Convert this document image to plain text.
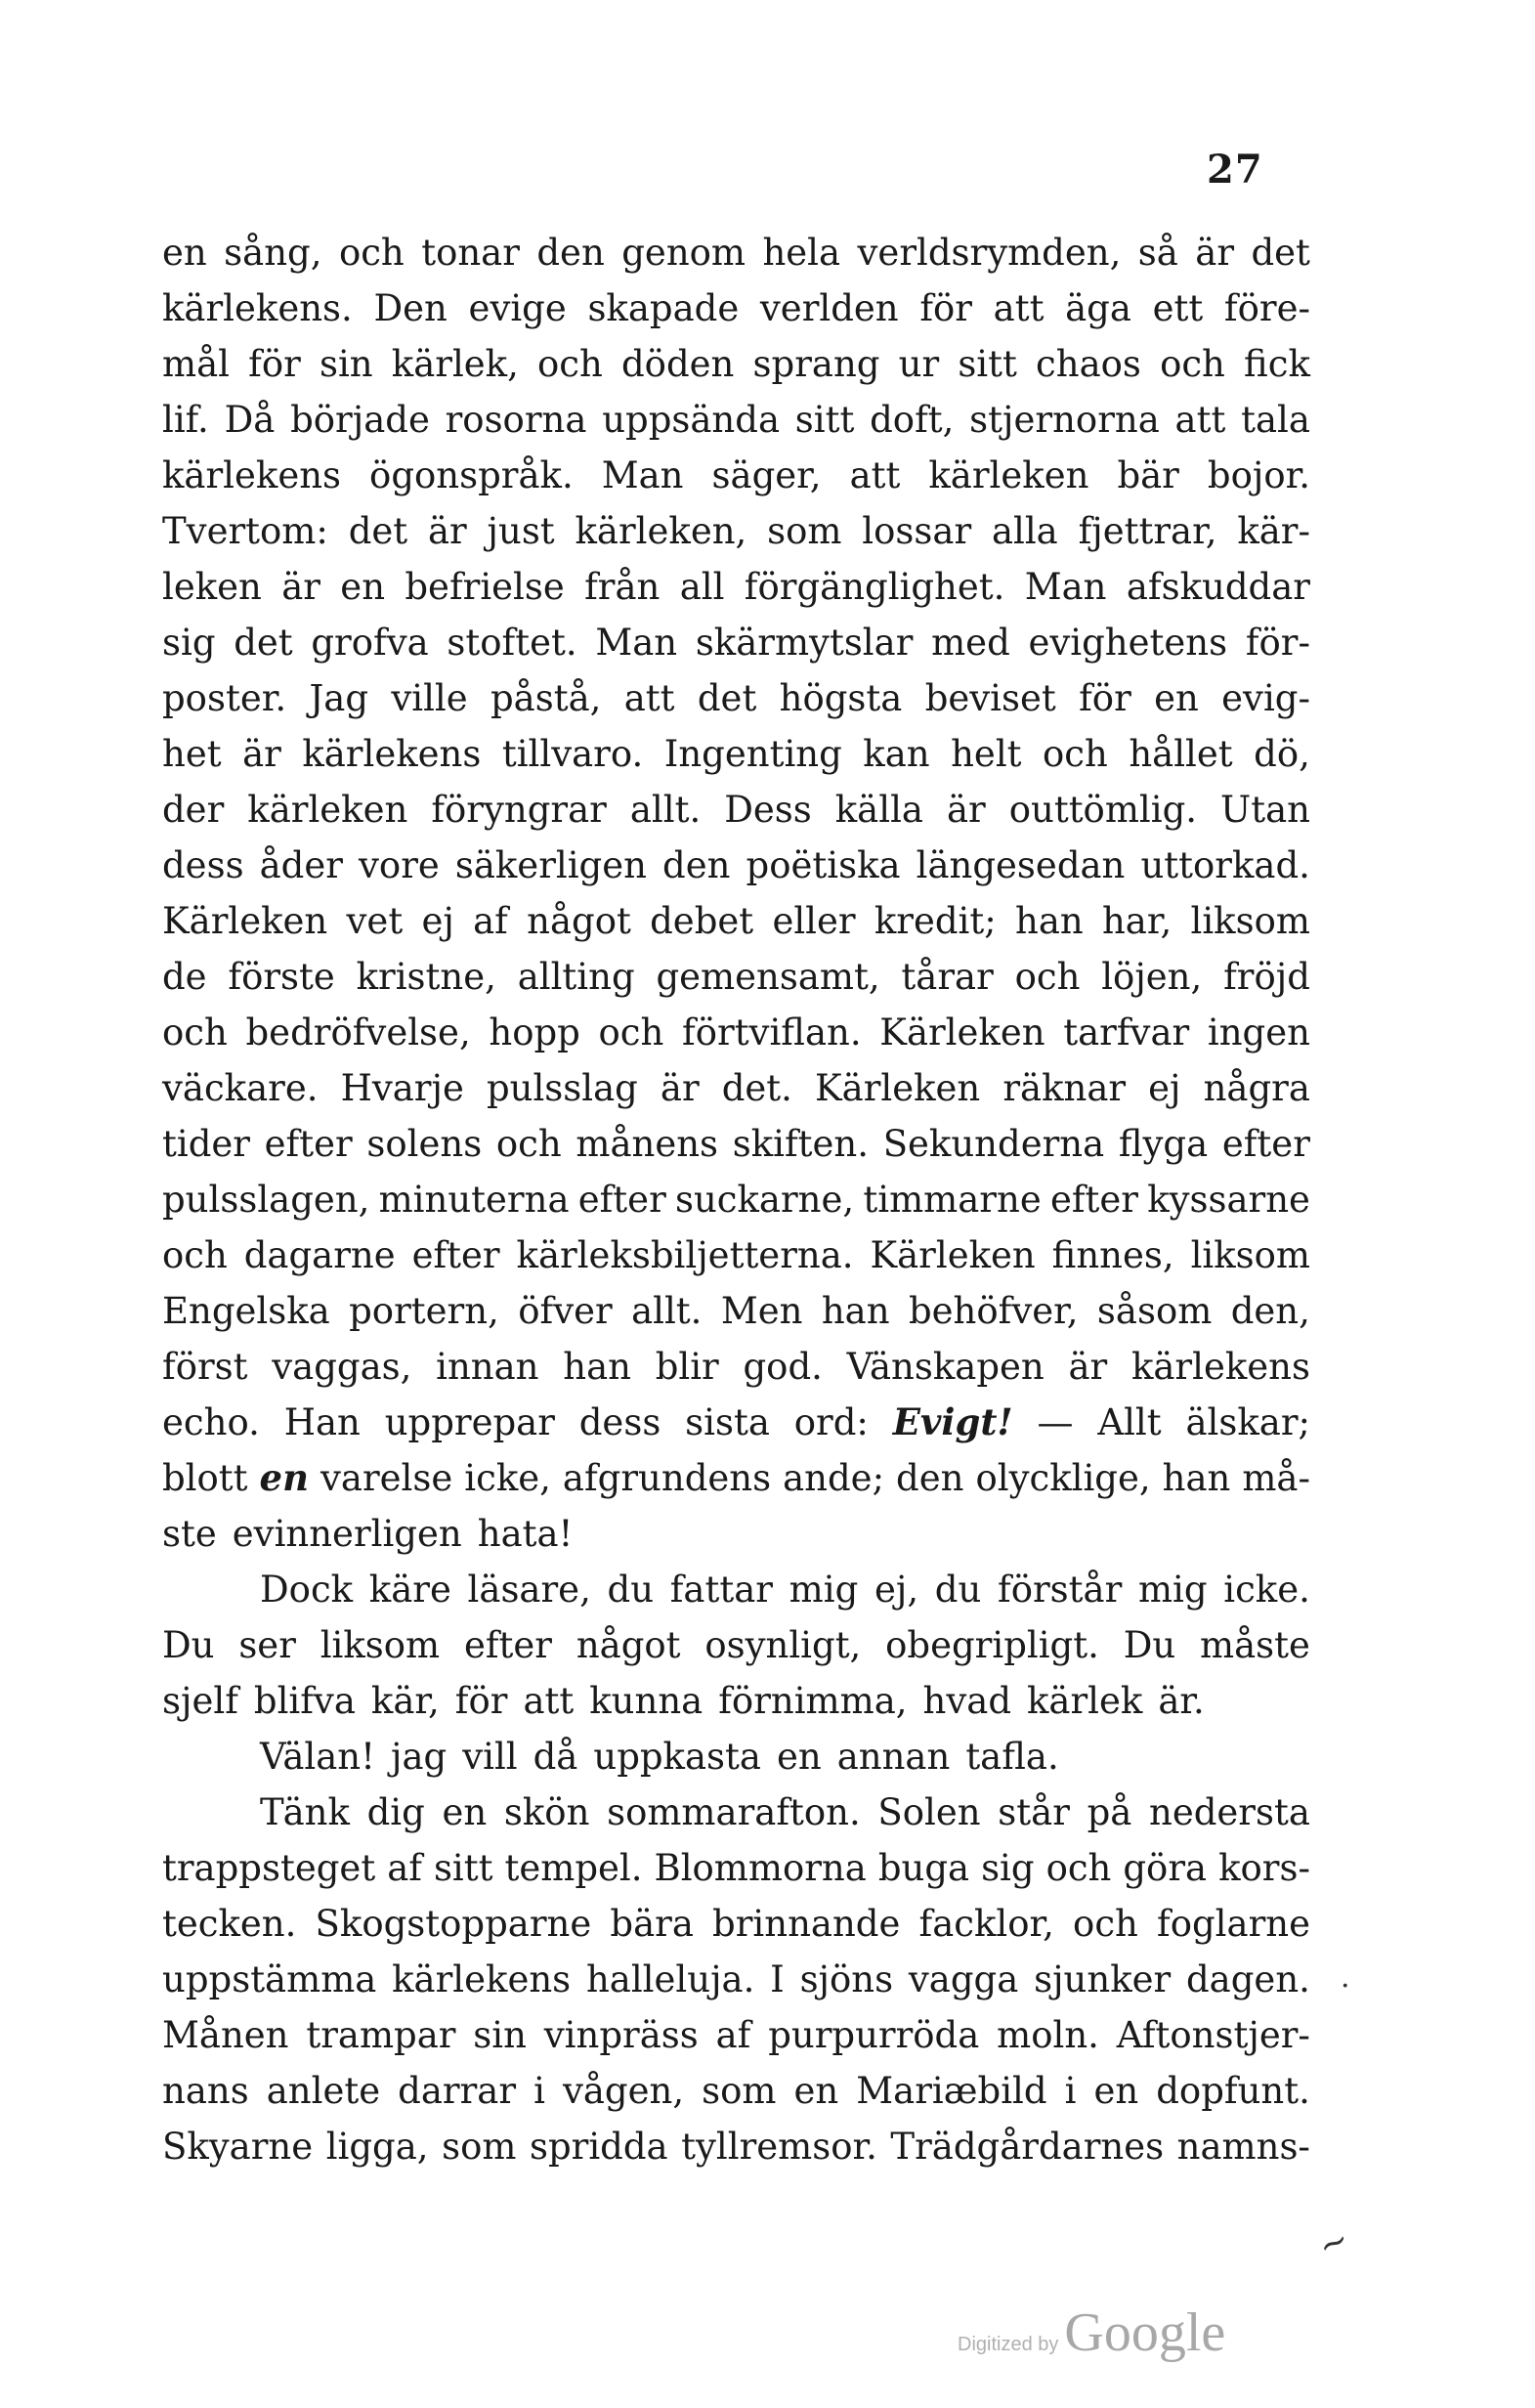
27
en sång, och tonar den genom hela verldsrymden, så är det
kärlekens. Den evige skapade verlden för att äga ett före-
mål för sin kärlek, och döden sprang ur sitt chaos och fick
lif. Då började rosorna uppsända sitt doft, stjernorna att tala
kärlekens ögonspråk. Man säger, att kärleken bär bojor.
Tvertom: det är just kärleken, som lossar alla fjettrar, kär-
leken är en befrielse från all förgänglighet. Man afskuddar
sig det grofva stoftet. Man skärmytslar med evighetens för-
poster. Jag ville påstå, att det högsta beviset för en evig-
het är kärlekens tillvaro. Ingenting kan helt och hållet dö,
der kärleken föryngrar allt. Dess källa är outtömlig. Utan
dess åder vore säkerligen den poëtiska längesedan uttorkad.
Kärleken vet ej af något debet eller kredit; han har, liksom
de förste kristne, allting gemensamt, tårar och löjen, fröjd
och bedröfvelse, hopp och förtviflan. Kärleken tarfvar ingen
väckare. Hvarje pulsslag är det. Kärleken räknar ej några
tider efter solens och månens skiften. Sekunderna flyga efter
pulsslagen, minuterna efter suckarne, timmarne efter kyssarne
och dagarne efter kärleksbiljetterna. Kärleken finnes, liksom
Engelska portern, öfver allt. Men han behöfver, såsom den,
först vaggas, innan han blir god. Vänskapen är kärlekens
echo. Han upprepar dess sista ord: Evigt! — Allt älskar;
blott en varelse icke, afgrundens ande; den olycklige, han må-
ste evinnerligen hata!
Dock käre läsare, du fattar mig ej, du förstår mig icke.
Du ser liksom efter något osynligt, obegripligt. Du måste
sjelf blifva kär, för att kunna förnimma, hvad kärlek är.
Välan! jag vill då uppkasta en annan tafla.
Tänk dig en skön sommarafton. Solen står på nedersta
trappsteget af sitt tempel. Blommorna buga sig och göra kors-
tecken. Skogstopparne bära brinnande facklor, och foglarne
uppstämma kärlekens halleluja. I sjöns vagga sjunker dagen.
Månen trampar sin vinpräss af purpurröda moln. Aftonstjer-
nans anlete darrar i vågen, som en Mariæbild i en dopfunt.
Skyarne ligga, som spridda tyllremsor. Trädgårdarnes namns-
·
~
Digitized by Google
